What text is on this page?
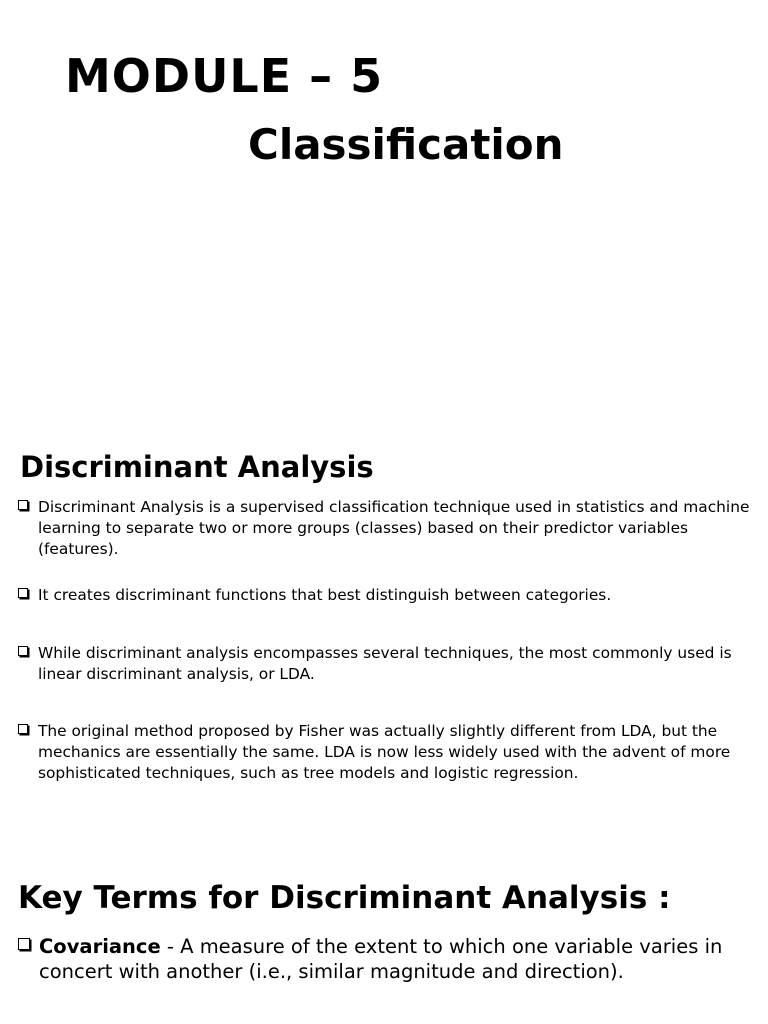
MODULE – 5
Classification
Discriminant Analysis
Discriminant Analysis is a supervised classification technique used in statistics and machine learning to separate two or more groups (classes) based on their predictor variables (features).
It creates discriminant functions that best distinguish between categories.
While discriminant analysis encompasses several techniques, the most commonly used is linear discriminant analysis, or LDA.
The original method proposed by Fisher was actually slightly different from LDA, but the mechanics are essentially the same. LDA is now less widely used with the advent of more sophisticated techniques, such as tree models and logistic regression.
Key Terms for Discriminant Analysis :
Covariance - A measure of the extent to which one variable varies in concert with another (i.e., similar magnitude and direction).
